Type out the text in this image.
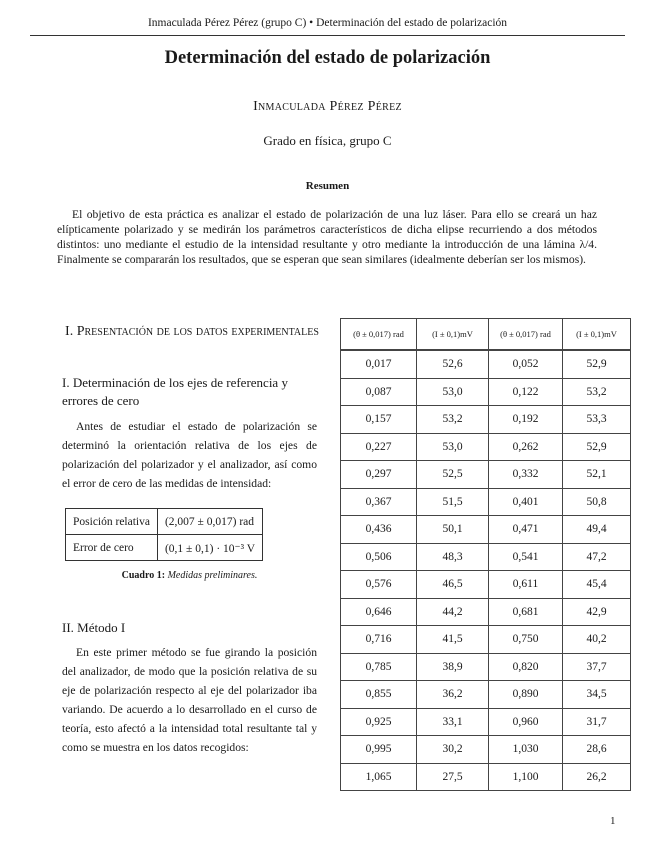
Inmaculada Pérez Pérez (grupo C) • Determinación del estado de polarización
Determinación del estado de polarización
Inmaculada Pérez Pérez
Grado en física, grupo C
Resumen
El objetivo de esta práctica es analizar el estado de polarización de una luz láser. Para ello se creará un haz elípticamente polarizado y se medirán los parámetros característicos de dicha elipse recurriendo a dos métodos distintos: uno mediante el estudio de la intensidad resultante y otro mediante la introducción de una lámina λ/4. Finalmente se compararán los resultados, que se esperan que sean similares (idealmente deberían ser los mismos).
I. Presentación de los datos experimentales
I. Determinación de los ejes de referencia y errores de cero
Antes de estudiar el estado de polarización se determinó la orientación relativa de los ejes de polarización del polarizador y el analizador, así como el error de cero de las medidas de intensidad:
Posición relativa	(2,007 ± 0,017) rad
Error de cero	(0,1 ± 0,1) · 10⁻³ V
Cuadro 1: Medidas preliminares.
II. Método I
En este primer método se fue girando la posición del analizador, de modo que la posición relativa de su eje de polarización respecto al eje del polarizador iba variando. De acuerdo a lo desarrollado en el curso de teoría, esto afectó a la intensidad total resultante tal y como se muestra en los datos recogidos:
(θ ± 0,017) rad	(I ± 0,1)mV	(θ ± 0,017) rad	(I ± 0,1)mV
0,017	52,6	0,052	52,9
0,087	53,0	0,122	53,2
0,157	53,2	0,192	53,3
0,227	53,0	0,262	52,9
0,297	52,5	0,332	52,1
0,367	51,5	0,401	50,8
0,436	50,1	0,471	49,4
0,506	48,3	0,541	47,2
0,576	46,5	0,611	45,4
0,646	44,2	0,681	42,9
0,716	41,5	0,750	40,2
0,785	38,9	0,820	37,7
0,855	36,2	0,890	34,5
0,925	33,1	0,960	31,7
0,995	30,2	1,030	28,6
1,065	27,5	1,100	26,2
1
